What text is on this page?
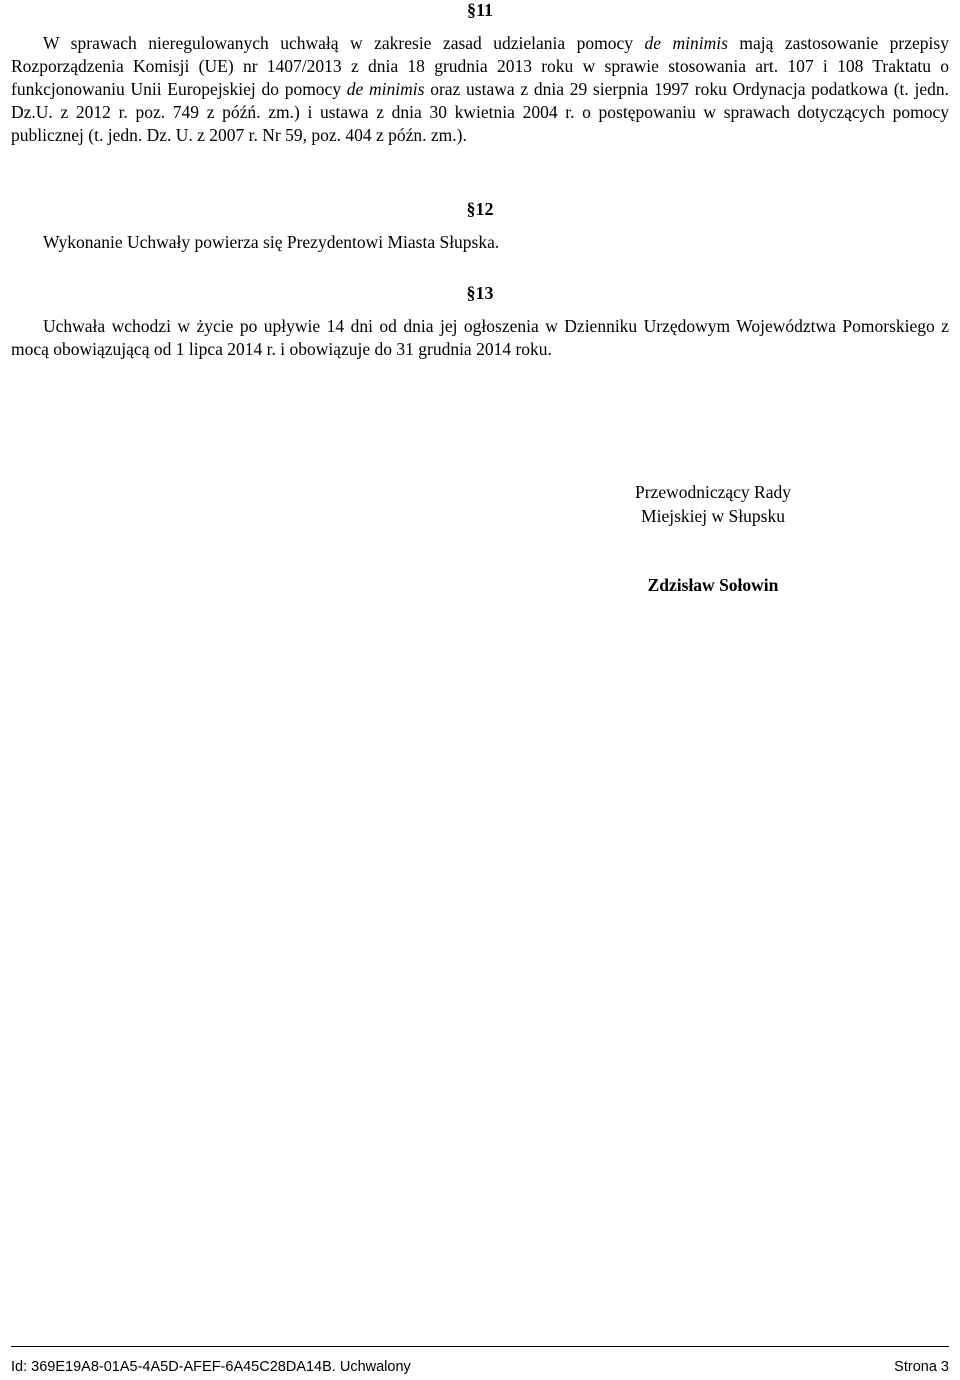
§11

W sprawach nieregulowanych uchwałą w zakresie zasad udzielania pomocy de minimis mają zastosowanie przepisy Rozporządzenia Komisji (UE) nr 1407/2013 z dnia 18 grudnia 2013 roku w sprawie stosowania art. 107 i 108 Traktatu o funkcjonowaniu Unii Europejskiej do pomocy de minimis oraz ustawa z dnia 29 sierpnia 1997 roku Ordynacja podatkowa (t. jedn. Dz.U. z 2012 r. poz. 749 z późń. zm.) i ustawa z dnia 30 kwietnia 2004 r. o postępowaniu w sprawach dotyczących pomocy publicznej (t. jedn. Dz. U. z 2007 r. Nr 59, poz. 404 z późn. zm.).

§12

Wykonanie Uchwały powierza się Prezydentowi Miasta Słupska.

§13

Uchwała wchodzi w życie po upływie 14 dni od dnia jej ogłoszenia w Dzienniku Urzędowym Województwa Pomorskiego z mocą obowiązującą od 1 lipca 2014 r. i obowiązuje do 31 grudnia 2014 roku.

Przewodniczący Rady

Miejskiej w Słupsku

Zdzisław Sołowin

Id: 369E19A8-01A5-4A5D-AFEF-6A45C28DA14B. Uchwalony	Strona 3
